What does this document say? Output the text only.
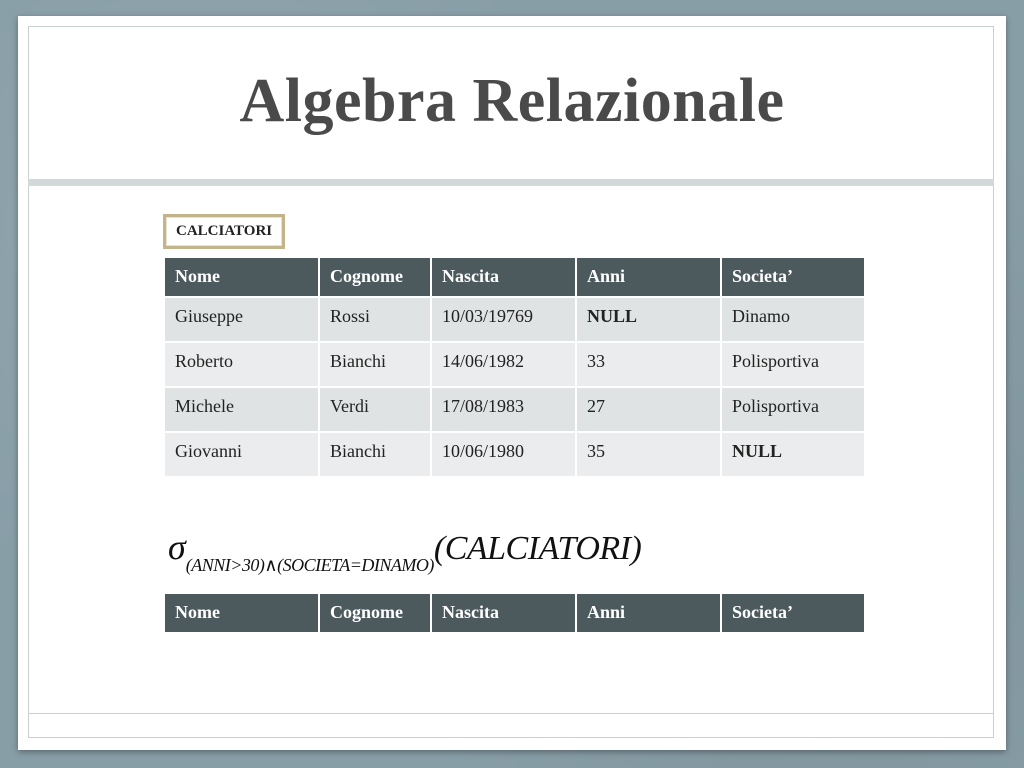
Algebra Relazionale
CALCIATORI
Nome	Cognome	Nascita	Anni	Societa’
Giuseppe	Rossi	10/03/19769	NULL	Dinamo
Roberto	Bianchi	14/06/1982	33	Polisportiva
Michele	Verdi	17/08/1983	27	Polisportiva
Giovanni	Bianchi	10/06/1980	35	NULL
σ(ANNI>30)∧(SOCIETA=DINAMO)(CALCIATORI)
Nome	Cognome	Nascita	Anni	Societa’
